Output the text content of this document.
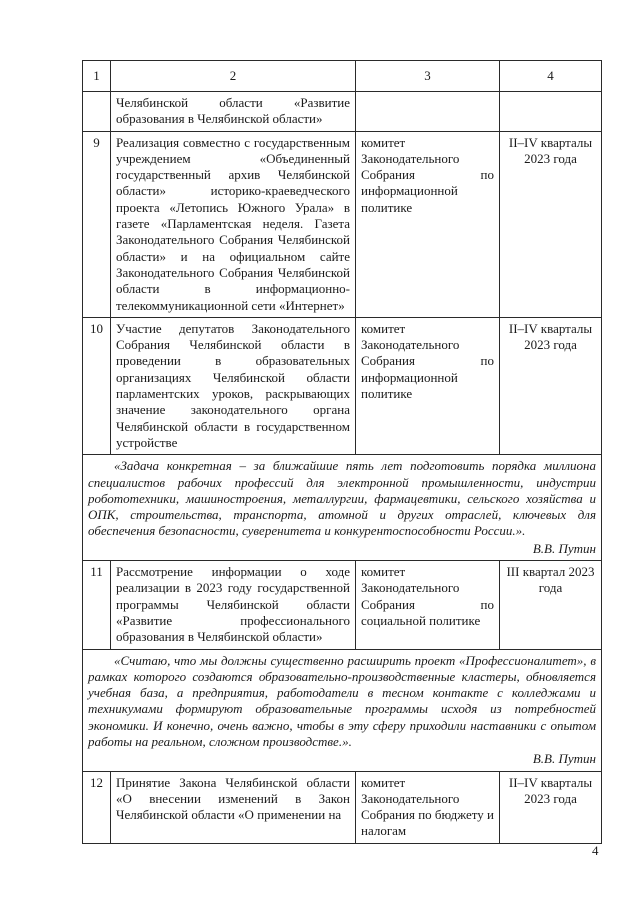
1	2	3	4
	Челябинской области «Развитие образования в Челябинской области»		
9	Реализация совместно с государственным учреждением «Объединенный государственный архив Челябинской области» историко-краеведческого проекта «Летопись Южного Урала» в газете «Парламентская неделя. Газета Законодательного Собрания Челябинской области» и на официальном сайте Законодательного Собрания Челябинской области в информационно-телекоммуникационной сети «Интернет»	комитет Законодательного Собрания по информационной политике	II–IV кварталы 2023 года
10	Участие депутатов Законодательного Собрания Челябинской области в проведении в образовательных организациях Челябинской области парламентских уроков, раскрывающих значение законодательного органа Челябинской области в государственном устройстве	комитет Законодательного Собрания по информационной политике	II–IV кварталы 2023 года

«Задача конкретная – за ближайшие пять лет подготовить порядка миллиона специалистов рабочих профессий для электронной промышленности, индустрии робототехники, машиностроения, металлургии, фармацевтики, сельского хозяйства и ОПК, строительства, транспорта, атомной и других отраслей, ключевых для обеспечения безопасности, суверенитета и конкурентоспособности России.».
В.В. Путин			

11	Рассмотрение информации о ходе реализации в 2023 году государственной программы Челябинской области «Развитие профессионального образования в Челябинской области»	комитет Законодательного Собрания по социальной политике	III квартал 2023 года

«Считаю, что мы должны существенно расширить проект «Профессионалитет», в рамках которого создаются образовательно-производственные кластеры, обновляется учебная база, а предприятия, работодатели в тесном контакте с колледжами и техникумами формируют образовательные программы исходя из потребностей экономики. И конечно, очень важно, чтобы в эту сферу приходили наставники с опытом работы на реальном, сложном производстве.».
В.В. Путин			

12	Принятие Закона Челябинской области «О внесении изменений в Закон Челябинской области «О применении на	комитет Законодательного Собрания по бюджету и налогам	II–IV кварталы 2023 года
4
